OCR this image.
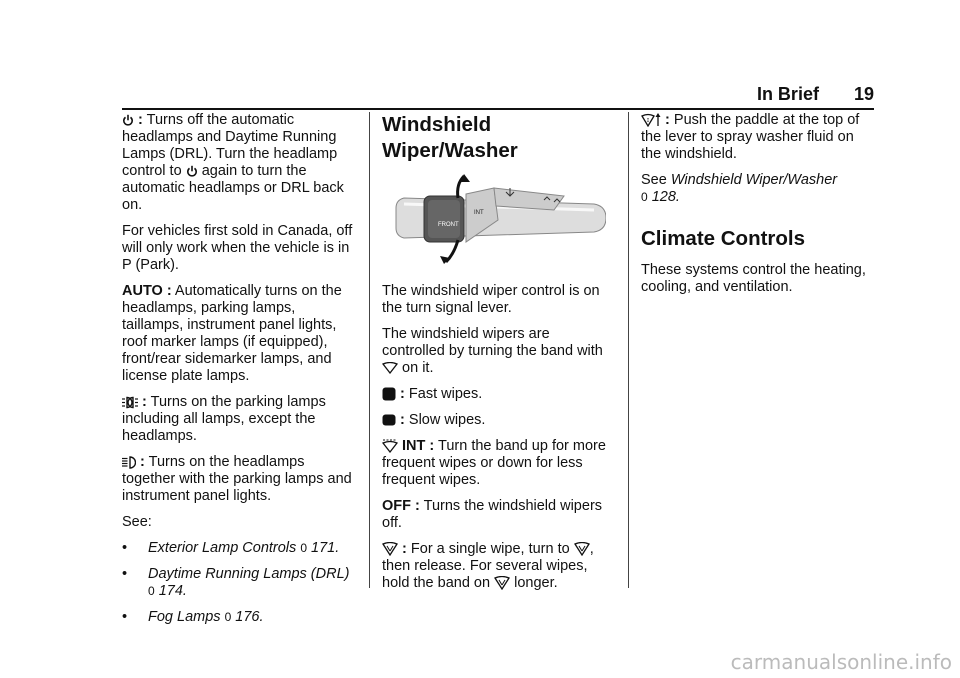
In Brief 19

: Turns off the automatic headlamps and Daytime Running Lamps (DRL). Turn the headlamp control to again to turn the automatic headlamps or DRL back on.

For vehicles first sold in Canada, off will only work when the vehicle is in P (Park).

AUTO : Automatically turns on the headlamps, parking lamps, taillamps, instrument panel lights, roof marker lamps (if equipped), front/rear sidemarker lamps, and license plate lamps.

: Turns on the parking lamps including all lamps, except the headlamps.

: Turns on the headlamps together with the parking lamps and instrument panel lights.

See:

•	Exterior Lamp Controls 0 171.
•	Daytime Running Lamps (DRL)
0 174.
•	Fog Lamps 0 176.
Windshield Wiper/Washer
FRONT
INT

The windshield wiper control is on the turn signal lever.

The windshield wipers are controlled by turning the band with
on it.

: Fast wipes.

: Slow wipes.

INT : Turn the band up for more frequent wipes or down for less frequent wipes.

OFF : Turns the windshield wipers off.

: For a single wipe, turn to , then release. For several wipes, hold the band on longer.

: Push the paddle at the top of the lever to spray washer fluid on the windshield.

See Windshield Wiper/Washer
0 128.

Climate Controls

These systems control the heating, cooling, and ventilation.

carmanualsonline.info
